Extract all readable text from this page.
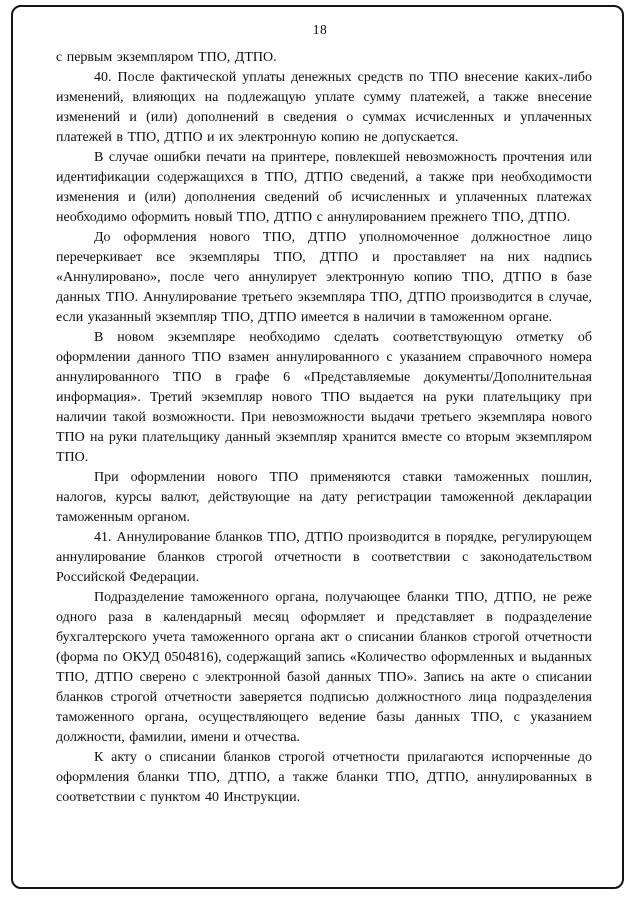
18

с первым экземпляром ТПО, ДТПО.

40. После фактической уплаты денежных средств по ТПО внесение каких-либо изменений, влияющих на подлежащую уплате сумму платежей, а также внесение изменений и (или) дополнений в сведения о суммах исчисленных и уплаченных платежей в ТПО, ДТПО и их электронную копию не допускается.

В случае ошибки печати на принтере, повлекшей невозможность прочтения или идентификации содержащихся в ТПО, ДТПО сведений, а также при необходимости изменения и (или) дополнения сведений об исчисленных и уплаченных платежах необходимо оформить новый ТПО, ДТПО с аннулированием прежнего ТПО, ДТПО.

До оформления нового ТПО, ДТПО уполномоченное должностное лицо перечеркивает все экземпляры ТПО, ДТПО и проставляет на них надпись «Аннулировано», после чего аннулирует электронную копию ТПО, ДТПО в базе данных ТПО. Аннулирование третьего экземпляра ТПО, ДТПО производится в случае, если указанный экземпляр ТПО, ДТПО имеется в наличии в таможенном органе.

В новом экземпляре необходимо сделать соответствующую отметку об оформлении данного ТПО взамен аннулированного с указанием справочного номера аннулированного ТПО в графе 6 «Представляемые документы/Дополнительная информация». Третий экземпляр нового ТПО выдается на руки плательщику при наличии такой возможности. При невозможности выдачи третьего экземпляра нового ТПО на руки плательщику данный экземпляр хранится вместе со вторым экземпляром ТПО.

При оформлении нового ТПО применяются ставки таможенных пошлин, налогов, курсы валют, действующие на дату регистрации таможенной декларации таможенным органом.

41. Аннулирование бланков ТПО, ДТПО производится в порядке, регулирующем аннулирование бланков строгой отчетности в соответствии с законодательством Российской Федерации.

Подразделение таможенного органа, получающее бланки ТПО, ДТПО, не реже одного раза в календарный месяц оформляет и представляет в подразделение бухгалтерского учета таможенного органа акт о списании бланков строгой отчетности (форма по ОКУД 0504816), содержащий запись «Количество оформленных и выданных ТПО, ДТПО сверено с электронной базой данных ТПО». Запись на акте о списании бланков строгой отчетности заверяется подписью должностного лица подразделения таможенного органа, осуществляющего ведение базы данных ТПО, с указанием должности, фамилии, имени и отчества.

К акту о списании бланков строгой отчетности прилагаются испорченные до оформления бланки ТПО, ДТПО, а также бланки ТПО, ДТПО, аннулированных в соответствии с пунктом 40 Инструкции.
